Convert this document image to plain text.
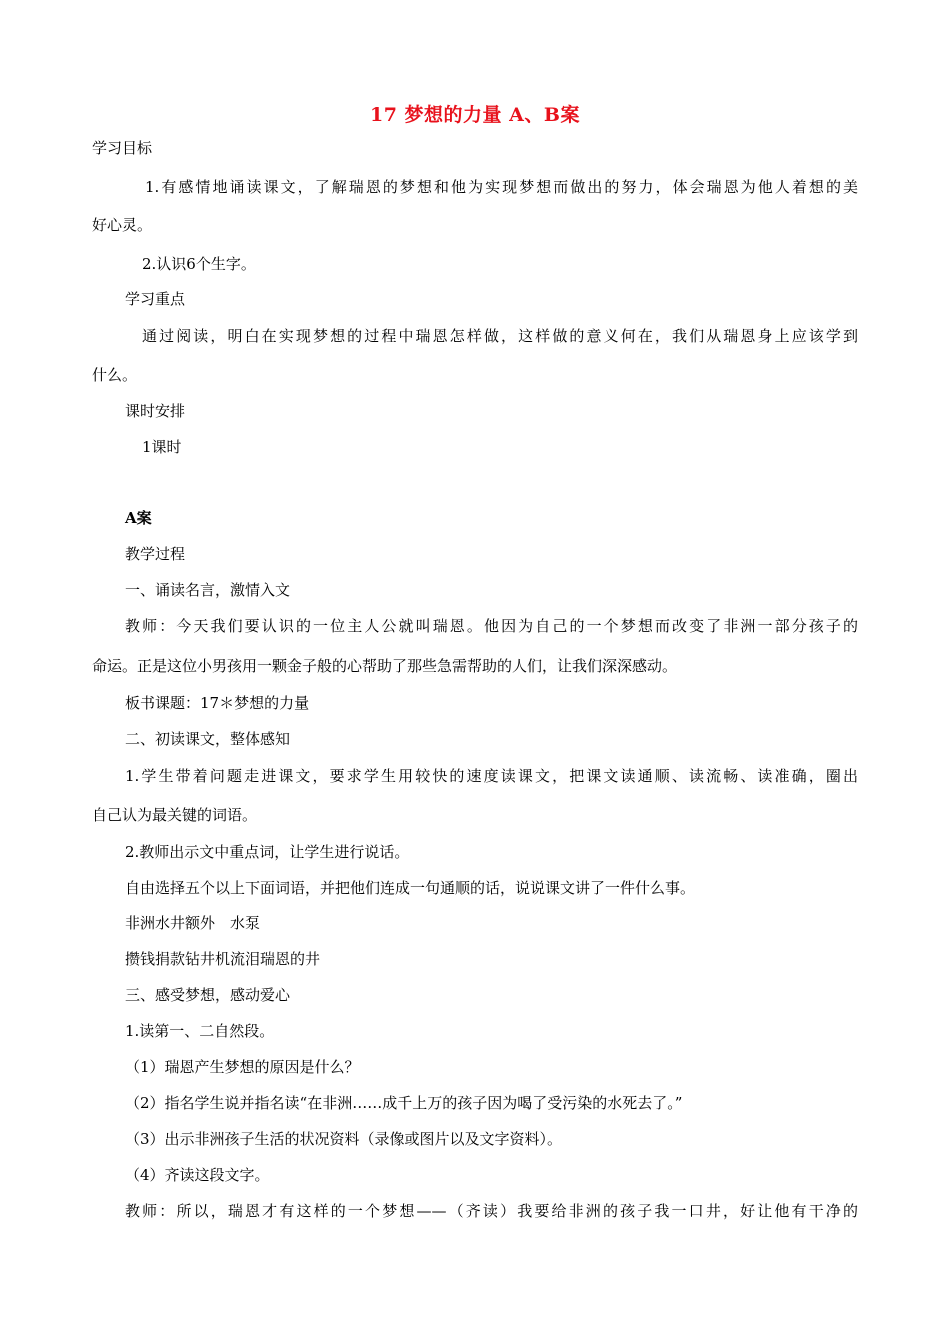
17 梦想的力量 A、B案
学习目标
1.有感情地诵读课文，了解瑞恩的梦想和他为实现梦想而做出的努力，体会瑞恩为他人着想的美
好心灵。
2.认识6个生字。
学习重点
通过阅读，明白在实现梦想的过程中瑞恩怎样做，这样做的意义何在，我们从瑞恩身上应该学到
什么。
课时安排
1课时
A案
教学过程
一、诵读名言，激情入文
教师：今天我们要认识的一位主人公就叫瑞恩。他因为自己的一个梦想而改变了非洲一部分孩子的
命运。正是这位小男孩用一颗金子般的心帮助了那些急需帮助的人们，让我们深深感动。
板书课题：17＊梦想的力量
二、初读课文，整体感知
1.学生带着问题走进课文，要求学生用较快的速度读课文，把课文读通顺、读流畅、读准确，圈出
自己认为最关键的词语。
2.教师出示文中重点词，让学生进行说话。
自由选择五个以上下面词语，并把他们连成一句通顺的话，说说课文讲了一件什么事。
非洲水井额外　水泵
攒钱捐款钻井机流泪瑞恩的井
三、感受梦想，感动爱心
1.读第一、二自然段。
（1）瑞恩产生梦想的原因是什么？
（2）指名学生说并指名读“在非洲……成千上万的孩子因为喝了受污染的水死去了。”
（3）出示非洲孩子生活的状况资料（录像或图片以及文字资料）。
（4）齐读这段文字。
教师：所以，瑞恩才有这样的一个梦想——（齐读）我要给非洲的孩子我一口井，好让他有干净的
